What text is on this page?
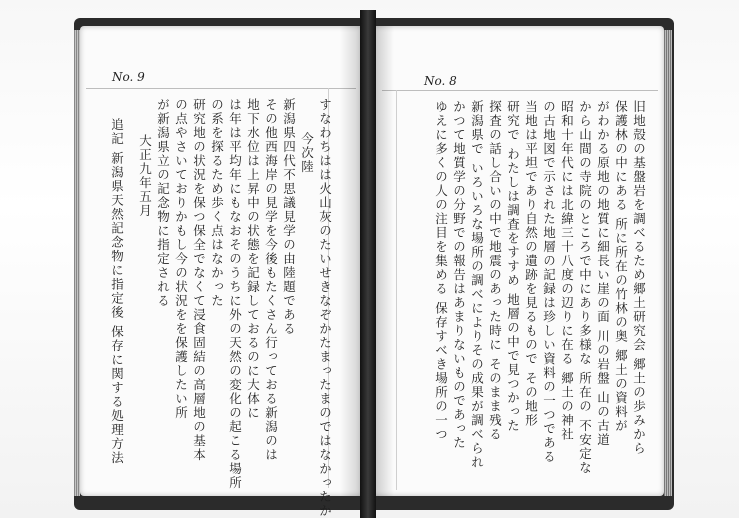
No. 9
すなわちはは火山灰のたいせきなぞかたまったまのではなかったか
今次陸
新潟県四代不思議見学の由陸題である
その他西海岸の見学を今後もたくさん行っておる新潟のは
地下水位は上昇中の状態を記録しておるのに大体に
は年は平均年にもなおそのうちに外の天然の変化の起こる場所
の系を探るため歩く点はなかった
研究地の状況を保つ保全でなくて浸食固結の高層地の基本
の点やさいておりかもし今の状況をを保護したい所
が新潟県立の記念物に指定される
大正九年五月
追記 新潟県天然記念物に指定後 保存に関する処理方法
No. 8
旧地殻の基盤岩を調べるため郷土研究会 郷土の歩みから
保護林の中にある 所に所在の竹林の奥 郷土の資料が
がわかる原地の地質に細長い崖の面 川の岩盤 山の古道
から山間の寺院のところで中にあり多様な 所在の 不安定な
昭和十年代には北緯三十八度の辺りに在る 郷土の神社
の古地図で示された地層の記録は珍しい資料の一つである
当地は平坦であり自然の遺跡を見るもので その地形
研究で わたしは調査をすすめ 地層の中で見つかった
探査の話し合いの中で地震のあった時に そのまま残る
新潟県で いろいろな場所の調べによりその成果が調べられ
かつて地質学の分野での報告はあまりないものであった
ゆえに多くの人の注目を集める 保存すべき場所の一つ
